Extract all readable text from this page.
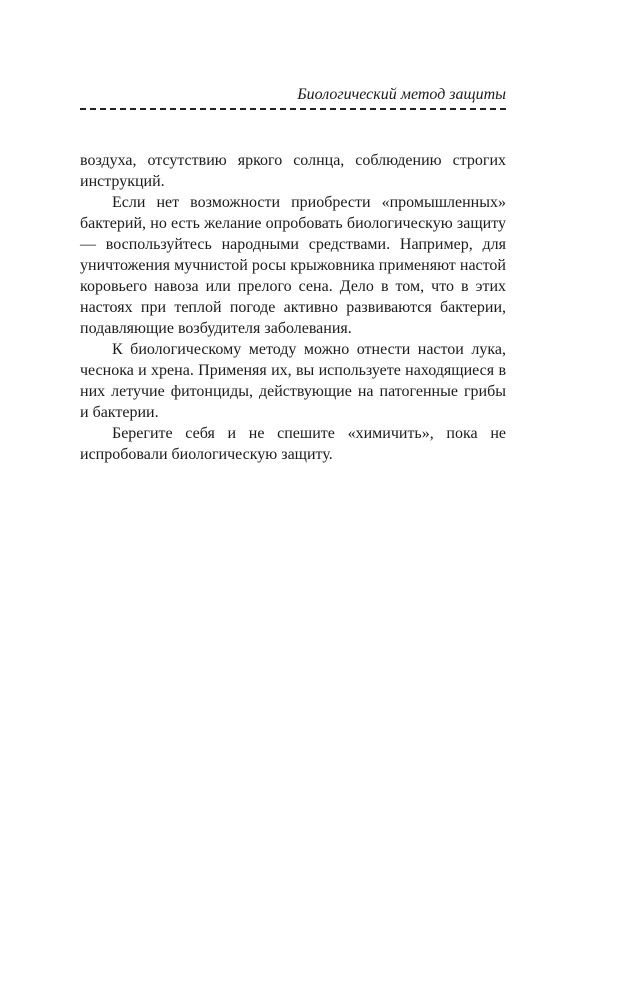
Биологический метод защиты

воздуха, отсутствию яркого солнца, соблюдению строгих инструкций.

Если нет возможности приобрести «промышленных» бактерий, но есть желание опробовать биологическую защиту — воспользуйтесь народными средствами. Например, для уничтожения мучнистой росы крыжовника применяют настой коровьего навоза или прелого сена. Дело в том, что в этих настоях при теплой погоде активно развиваются бактерии, подавляющие возбудителя заболевания.

К биологическому методу можно отнести настои лука, чеснока и хрена. Применяя их, вы используете находящиеся в них летучие фитонциды, действующие на патогенные грибы и бактерии.

Берегите себя и не спешите «химичить», пока не испробовали биологическую защиту.
